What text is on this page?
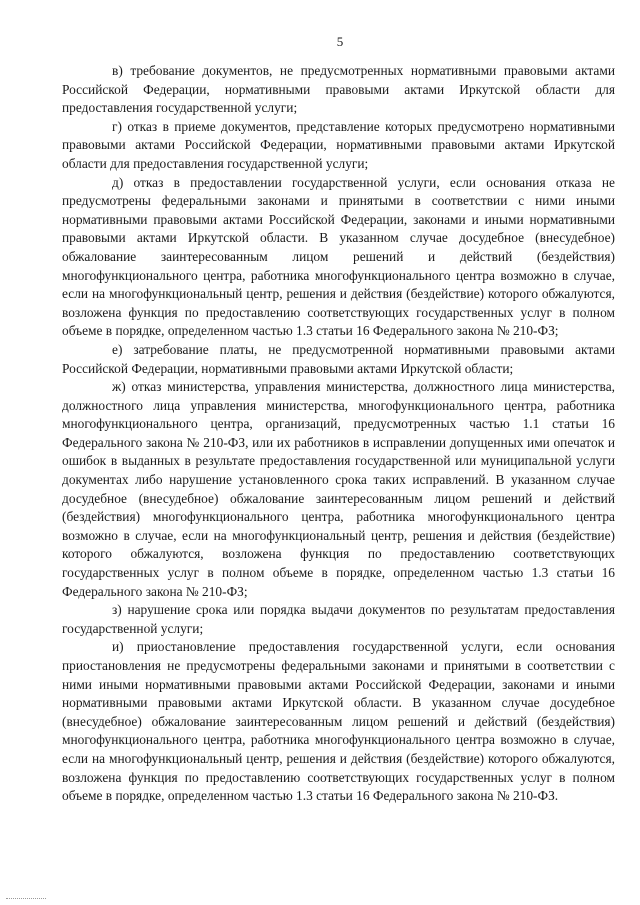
5

в) требование документов, не предусмотренных нормативными правовыми актами Российской Федерации, нормативными правовыми актами Иркутской области для предоставления государственной услуги;

г) отказ в приеме документов, представление которых предусмотрено нормативными правовыми актами Российской Федерации, нормативными правовыми актами Иркутской области для предоставления государственной услуги;

д) отказ в предоставлении государственной услуги, если основания отказа не предусмотрены федеральными законами и принятыми в соответствии с ними иными нормативными правовыми актами Российской Федерации, законами и иными нормативными правовыми актами Иркутской области. В указанном случае досудебное (внесудебное) обжалование заинтересованным лицом решений и действий (бездействия) многофункционального центра, работника многофункционального центра возможно в случае, если на многофункциональный центр, решения и действия (бездействие) которого обжалуются, возложена функция по предоставлению соответствующих государственных услуг в полном объеме в порядке, определенном частью 1.3 статьи 16 Федерального закона № 210-ФЗ;

е) затребование платы, не предусмотренной нормативными правовыми актами Российской Федерации, нормативными правовыми актами Иркутской области;

ж) отказ министерства, управления министерства, должностного лица министерства, должностного лица управления министерства, многофункционального центра, работника многофункционального центра, организаций, предусмотренных частью 1.1 статьи 16 Федерального закона № 210-ФЗ, или их работников в исправлении допущенных ими опечаток и ошибок в выданных в результате предоставления государственной или муниципальной услуги документах либо нарушение установленного срока таких исправлений. В указанном случае досудебное (внесудебное) обжалование заинтересованным лицом решений и действий (бездействия) многофункционального центра, работника многофункционального центра возможно в случае, если на многофункциональный центр, решения и действия (бездействие) которого обжалуются, возложена функция по предоставлению соответствующих государственных услуг в полном объеме в порядке, определенном частью 1.3 статьи 16 Федерального закона № 210-ФЗ;

з) нарушение срока или порядка выдачи документов по результатам предоставления государственной услуги;

и) приостановление предоставления государственной услуги, если основания приостановления не предусмотрены федеральными законами и принятыми в соответствии с ними иными нормативными правовыми актами Российской Федерации, законами и иными нормативными правовыми актами Иркутской области. В указанном случае досудебное (внесудебное) обжалование заинтересованным лицом решений и действий (бездействия) многофункционального центра, работника многофункционального центра возможно в случае, если на многофункциональный центр, решения и действия (бездействие) которого обжалуются, возложена функция по предоставлению соответствующих государственных услуг в полном объеме в порядке, определенном частью 1.3 статьи 16 Федерального закона № 210-ФЗ.
